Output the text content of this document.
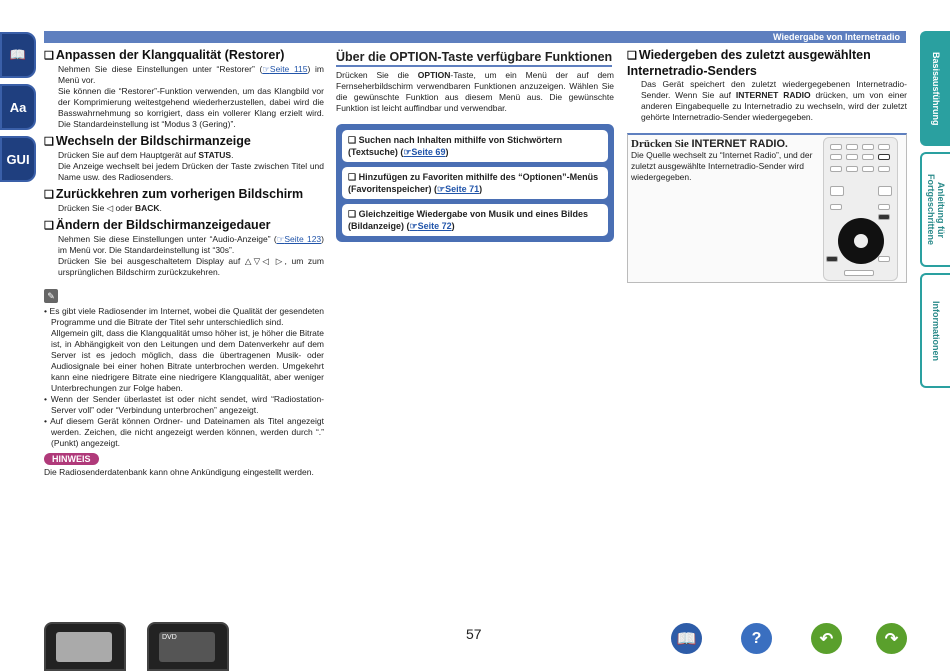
Wiedergabe von Internetradio
📖
Aa
GUI
Basisausführung
Anleitung für Fortgeschrittene
Informationen
❑ Anpassen der Klangqualität (Restorer)

Nehmen Sie diese Einstellungen unter “Restorer” (☞Seite 115) im Menü vor.

Sie können die “Restorer”-Funktion verwenden, um das Klangbild vor der Komprimierung weitestgehend wiederherzustellen, dabei wird die Basswahrnehmung so korrigiert, dass ein vollerer Klang erzielt wird. Die Standardeinstellung ist “Modus 3 (Gering)”.

❑ Wechseln der Bildschirmanzeige

Drücken Sie auf dem Hauptgerät auf STATUS.

Die Anzeige wechselt bei jedem Drücken der Taste zwischen Titel und Name usw. des Radiosenders.

❑ Zurückkehren zum vorherigen Bildschirm

Drücken Sie ◁ oder BACK.

❑ Ändern der Bildschirmanzeigedauer

Nehmen Sie diese Einstellungen unter “Audio-Anzeige” (☞Seite 123) im Menü vor. Die Standardeinstellung ist “30s”.

Drücken Sie bei ausgeschaltetem Display auf △▽◁ ▷, um zum ursprünglichen Bildschirm zurückzukehren.

✎

• Es gibt viele Radiosender im Internet, wobei die Qualität der gesendeten Programme und die Bitrate der Titel sehr unterschiedlich sind.

Allgemein gilt, dass die Klangqualität umso höher ist, je höher die Bitrate ist, in Abhängigkeit von den Leitungen und dem Datenverkehr auf dem Server ist es jedoch möglich, dass die übertragenen Musik- oder Audiosignale bei einer hohen Bitrate unterbrochen werden. Umgekehrt kann eine niedrigere Bitrate eine niedrigere Klangqualität, aber weniger Unterbrechungen zur Folge haben.

• Wenn der Sender überlastet ist oder nicht sendet, wird “Radiostation-Server voll” oder “Verbindung unterbrochen” angezeigt.

• Auf diesem Gerät können Ordner- und Dateinamen als Titel angezeigt werden. Zeichen, die nicht angezeigt werden können, werden durch “.” (Punkt) angezeigt.

HINWEIS

Die Radiosenderdatenbank kann ohne Ankündigung eingestellt werden.

Über die OPTION-Taste verfügbare Funktionen

Drücken Sie die OPTION-Taste, um ein Menü der auf dem Fernseherbildschirm verwendbaren Funktionen anzuzeigen. Wählen Sie die gewünschte Funktion aus diesem Menü aus. Die gewünschte Funktion ist leicht auffindbar und verwendbar.

❑ Suchen nach Inhalten mithilfe von Stichwörtern (Textsuche) (☞Seite 69)
❑ Hinzufügen zu Favoriten mithilfe des “Optionen”-Menüs (Favoritenspeicher) (☞Seite 71)
❑ Gleichzeitige Wiedergabe von Musik und eines Bildes (Bildanzeige) (☞Seite 72)
❑ Wiedergeben des zuletzt ausgewählten Internetradio-Senders

Das Gerät speichert den zuletzt wiedergegebenen Internetradio-Sender. Wenn Sie auf INTERNET RADIO drücken, um von einer anderen Eingabequelle zu Internetradio zu wechseln, wird der zuletzt gehörte Internetradio-Sender wiedergegeben.

Drücken Sie INTERNET RADIO.

Die Quelle wechselt zu “Internet Radio”, und der zuletzt ausgewählte Internetradio-Sender wird wiedergegeben.

DVD	57	📖	?	↶	↷
